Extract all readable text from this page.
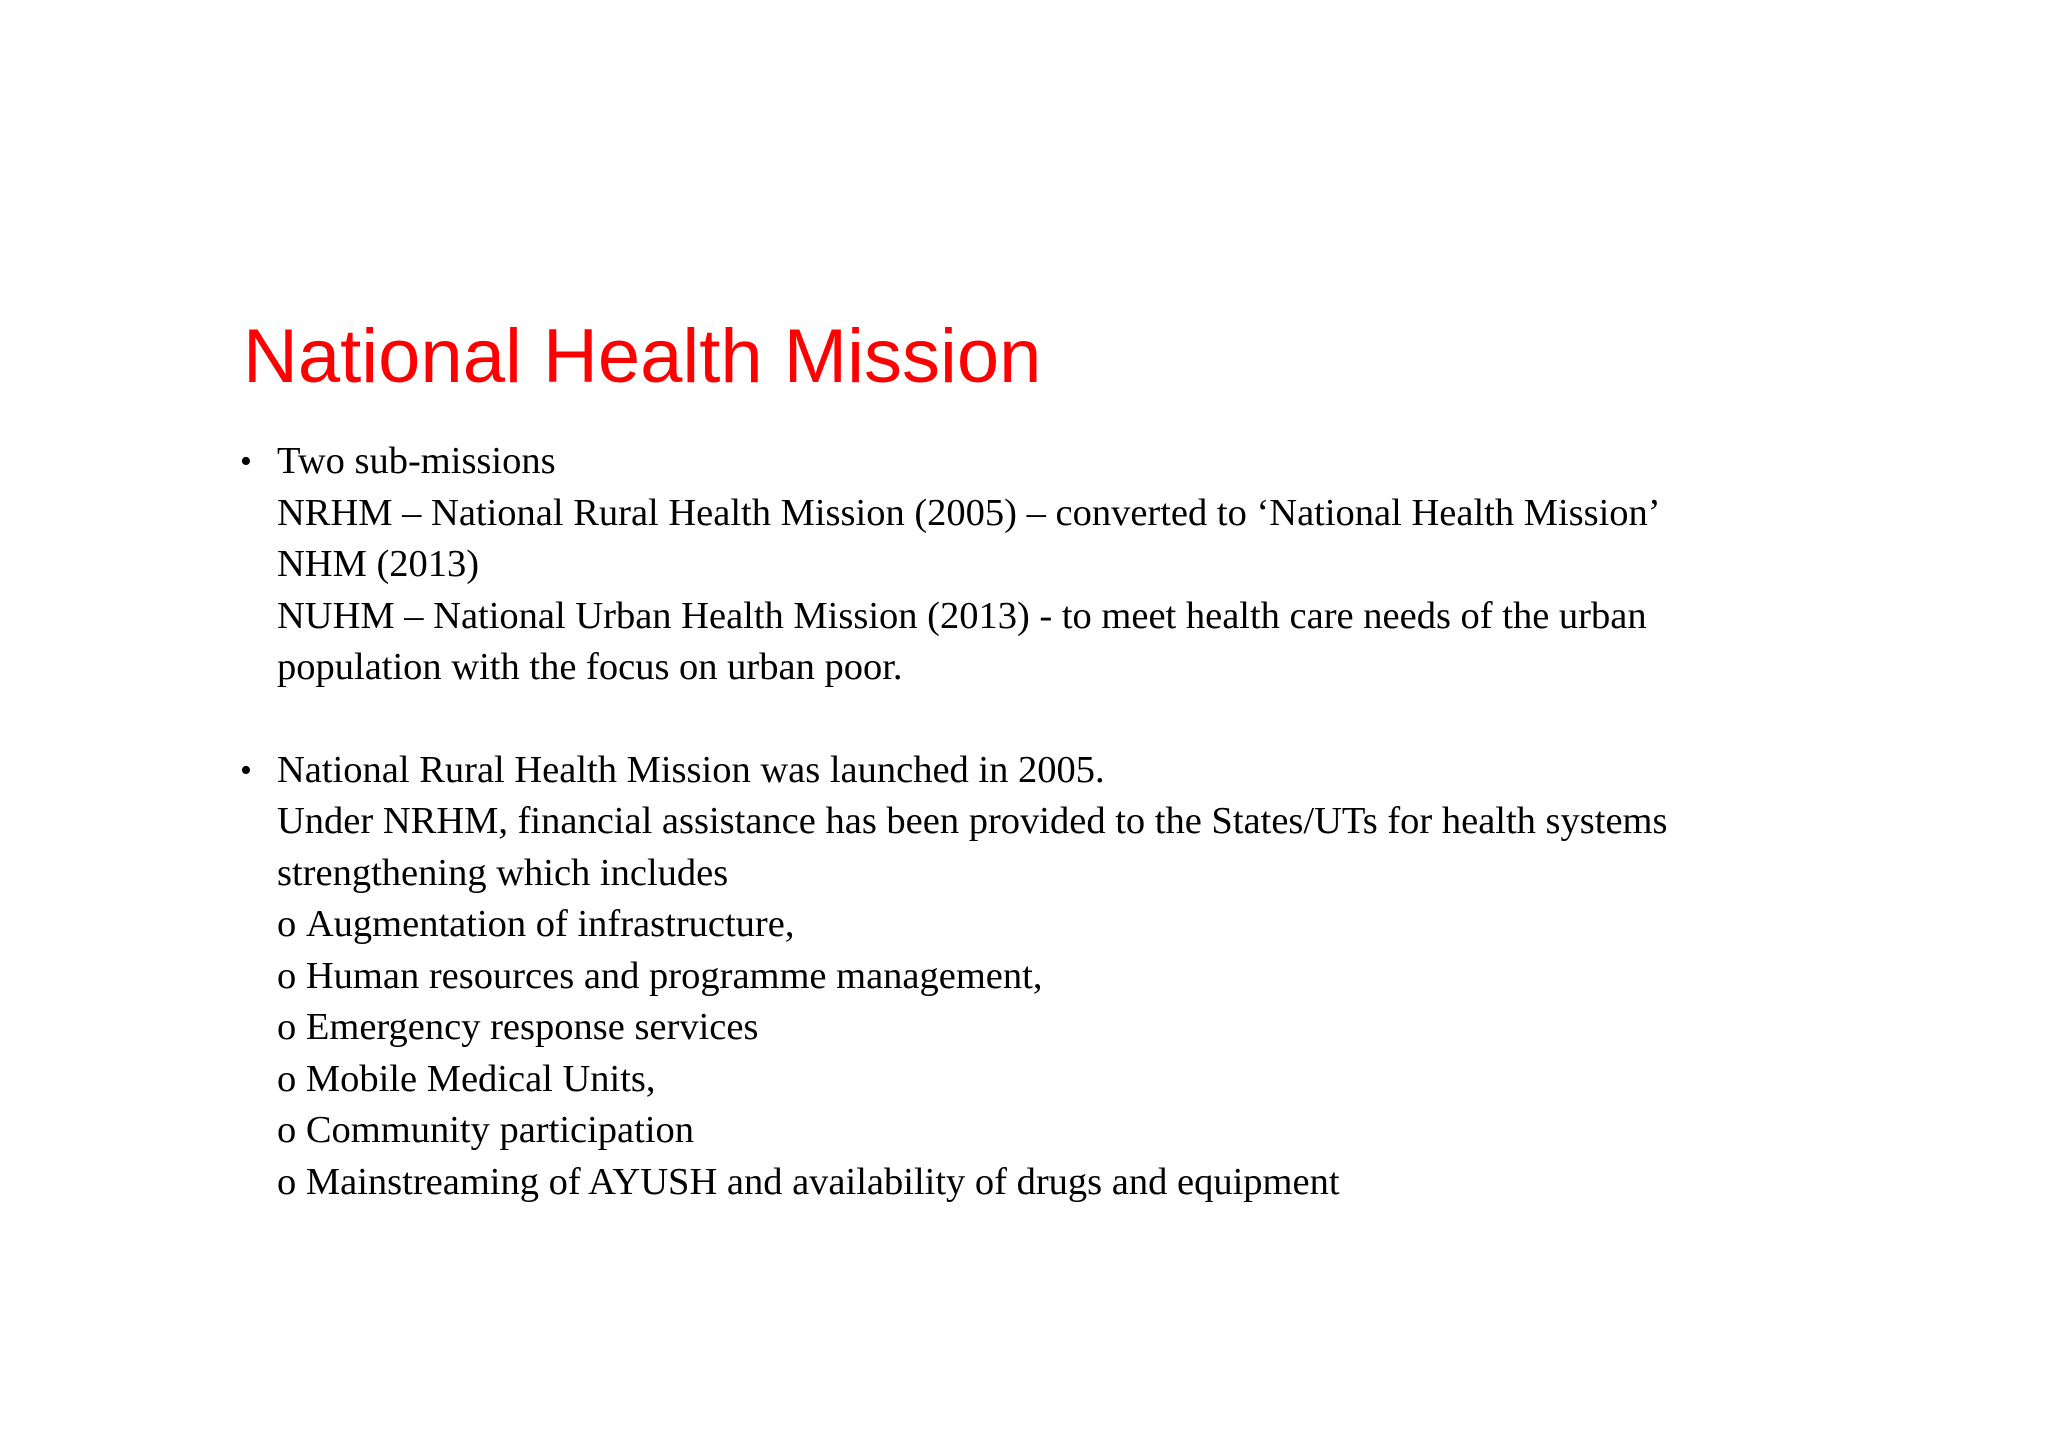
National Health Mission
• Two sub-missions
NRHM – National Rural Health Mission (2005) – converted to ‘National Health Mission’
NHM (2013)
NUHM – National Urban Health Mission (2013) - to meet health care needs of the urban
population with the focus on urban poor.
• National Rural Health Mission was launched in 2005.
Under NRHM, financial assistance has been provided to the States/UTs for health systems
strengthening which includes
o Augmentation of infrastructure,
o Human resources and programme management,
o Emergency response services
o Mobile Medical Units,
o Community participation
o Mainstreaming of AYUSH and availability of drugs and equipment
